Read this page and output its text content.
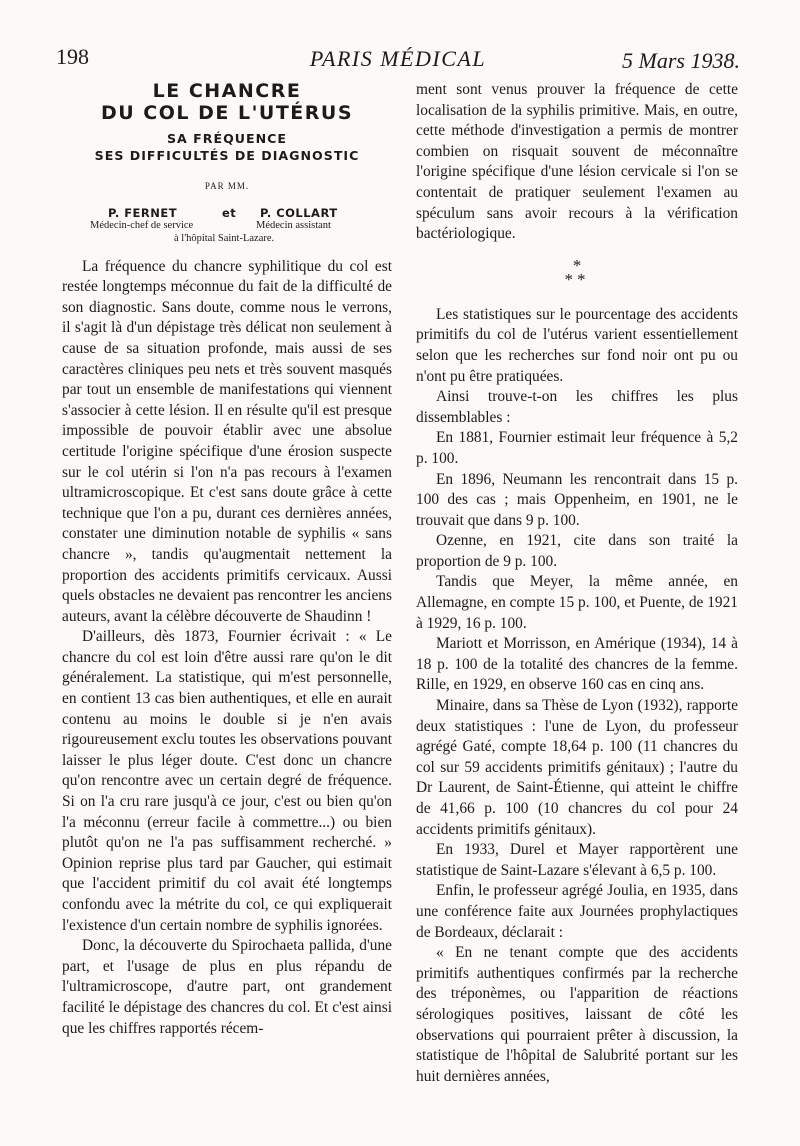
198	PARIS MÉDICAL	5 Mars 1938.
LE CHANCRE
DU COL DE L'UTÉRUS
SA FRÉQUENCE
SES DIFFICULTÉS DE DIAGNOSTIC
PAR MM.
P. FERNET	et P. COLLART
Médecin-chef de service	Médecin assistant
à l'hôpital Saint-Lazare.

La fréquence du chancre syphilitique du col est restée longtemps méconnue du fait de la difficulté de son diagnostic. Sans doute, comme nous le verrons, il s'agit là d'un dépistage très délicat non seulement à cause de sa situation profonde, mais aussi de ses caractères cliniques peu nets et très souvent masqués par tout un ensemble de manifestations qui viennent s'associer à cette lésion. Il en résulte qu'il est presque impossible de pouvoir établir avec une absolue certitude l'origine spécifique d'une érosion suspecte sur le col utérin si l'on n'a pas recours à l'examen ultramicroscopique. Et c'est sans doute grâce à cette technique que l'on a pu, durant ces dernières années, constater une diminution notable de syphilis « sans chancre », tandis qu'augmentait nettement la proportion des accidents primitifs cervicaux. Aussi quels obstacles ne devaient pas rencontrer les anciens auteurs, avant la célèbre découverte de Shaudinn !

D'ailleurs, dès 1873, Fournier écrivait : « Le chancre du col est loin d'être aussi rare qu'on le dit généralement. La statistique, qui m'est personnelle, en contient 13 cas bien authentiques, et elle en aurait contenu au moins le double si je n'en avais rigoureusement exclu toutes les observations pouvant laisser le plus léger doute. C'est donc un chancre qu'on rencontre avec un certain degré de fréquence. Si on l'a cru rare jusqu'à ce jour, c'est ou bien qu'on l'a méconnu (erreur facile à commettre...) ou bien plutôt qu'on ne l'a pas suffisamment recherché. » Opinion reprise plus tard par Gaucher, qui estimait que l'accident primitif du col avait été longtemps confondu avec la métrite du col, ce qui expliquerait l'existence d'un certain nombre de syphilis ignorées.

Donc, la découverte du Spirochaeta pallida, d'une part, et l'usage de plus en plus répandu de l'ultramicroscope, d'autre part, ont grandement facilité le dépistage des chancres du col. Et c'est ainsi que les chiffres rapportés récem-

ment sont venus prouver la fréquence de cette localisation de la syphilis primitive. Mais, en outre, cette méthode d'investigation a permis de montrer combien on risquait souvent de méconnaître l'origine spécifique d'une lésion cervicale si l'on se contentait de pratiquer seulement l'examen au spéculum sans avoir recours à la vérification bactériologique.

*
**

Les statistiques sur le pourcentage des accidents primitifs du col de l'utérus varient essentiellement selon que les recherches sur fond noir ont pu ou n'ont pu être pratiquées.

Ainsi trouve-t-on les chiffres les plus dissemblables :

En 1881, Fournier estimait leur fréquence à 5,2 p. 100.

En 1896, Neumann les rencontrait dans 15 p. 100 des cas ; mais Oppenheim, en 1901, ne le trouvait que dans 9 p. 100.

Ozenne, en 1921, cite dans son traité la proportion de 9 p. 100.

Tandis que Meyer, la même année, en Allemagne, en compte 15 p. 100, et Puente, de 1921 à 1929, 16 p. 100.

Mariott et Morrisson, en Amérique (1934), 14 à 18 p. 100 de la totalité des chancres de la femme. Rille, en 1929, en observe 160 cas en cinq ans.

Minaire, dans sa Thèse de Lyon (1932), rapporte deux statistiques : l'une de Lyon, du professeur agrégé Gaté, compte 18,64 p. 100 (11 chancres du col sur 59 accidents primitifs génitaux) ; l'autre du Dr Laurent, de Saint-Étienne, qui atteint le chiffre de 41,66 p. 100 (10 chancres du col pour 24 accidents primitifs génitaux).

En 1933, Durel et Mayer rapportèrent une statistique de Saint-Lazare s'élevant à 6,5 p. 100.

Enfin, le professeur agrégé Joulia, en 1935, dans une conférence faite aux Journées prophylactiques de Bordeaux, déclarait :

« En ne tenant compte que des accidents primitifs authentiques confirmés par la recherche des tréponèmes, ou l'apparition de réactions sérologiques positives, laissant de côté les observations qui pourraient prêter à discussion, la statistique de l'hôpital de Salubrité portant sur les huit dernières années,
